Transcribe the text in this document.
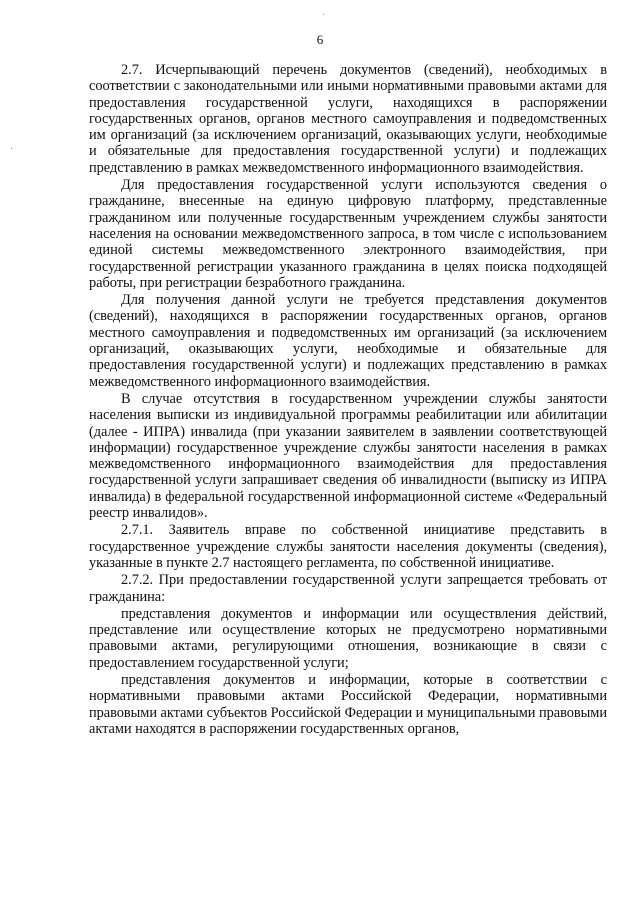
6
·
·

2.7. Исчерпывающий перечень документов (сведений), необходимых в соответствии с законодательными или иными нормативными правовыми актами для предоставления государственной услуги, находящихся в распоряжении государственных органов, органов местного самоуправления и подведомственных им организаций (за исключением организаций, оказывающих услуги, необходимые и обязательные для предоставления государственной услуги) и подлежащих представлению в рамках межведомственного информационного взаимодействия.

Для предоставления государственной услуги используются сведения о гражданине, внесенные на единую цифровую платформу, представленные гражданином или полученные государственным учреждением службы занятости населения на основании межведомственного запроса, в том числе с использованием единой системы межведомственного электронного взаимодействия, при государственной регистрации указанного гражданина в целях поиска подходящей работы, при регистрации безработного гражданина.

Для получения данной услуги не требуется представления документов (сведений), находящихся в распоряжении государственных органов, органов местного самоуправления и подведомственных им организаций (за исключением организаций, оказывающих услуги, необходимые и обязательные для предоставления государственной услуги) и подлежащих представлению в рамках межведомственного информационного взаимодействия.

В случае отсутствия в государственном учреждении службы занятости населения выписки из индивидуальной программы реабилитации или абилитации (далее - ИПРА) инвалида (при указании заявителем в заявлении соответствующей информации) государственное учреждение службы занятости населения в рамках межведомственного информационного взаимодействия для предоставления государственной услуги запрашивает сведения об инвалидности (выписку из ИПРА инвалида) в федеральной государственной информационной системе «Федеральный реестр инвалидов».

2.7.1. Заявитель вправе по собственной инициативе представить в государственное учреждение службы занятости населения документы (сведения), указанные в пункте 2.7 настоящего регламента, по собственной инициативе.

2.7.2. При предоставлении государственной услуги запрещается требовать от гражданина:

представления документов и информации или осуществления действий, представление или осуществление которых не предусмотрено нормативными правовыми актами, регулирующими отношения, возникающие в связи с предоставлением государственной услуги;

представления документов и информации, которые в соответствии с нормативными правовыми актами Российской Федерации, нормативными правовыми актами субъектов Российской Федерации и муниципальными правовыми актами находятся в распоряжении государственных органов,
